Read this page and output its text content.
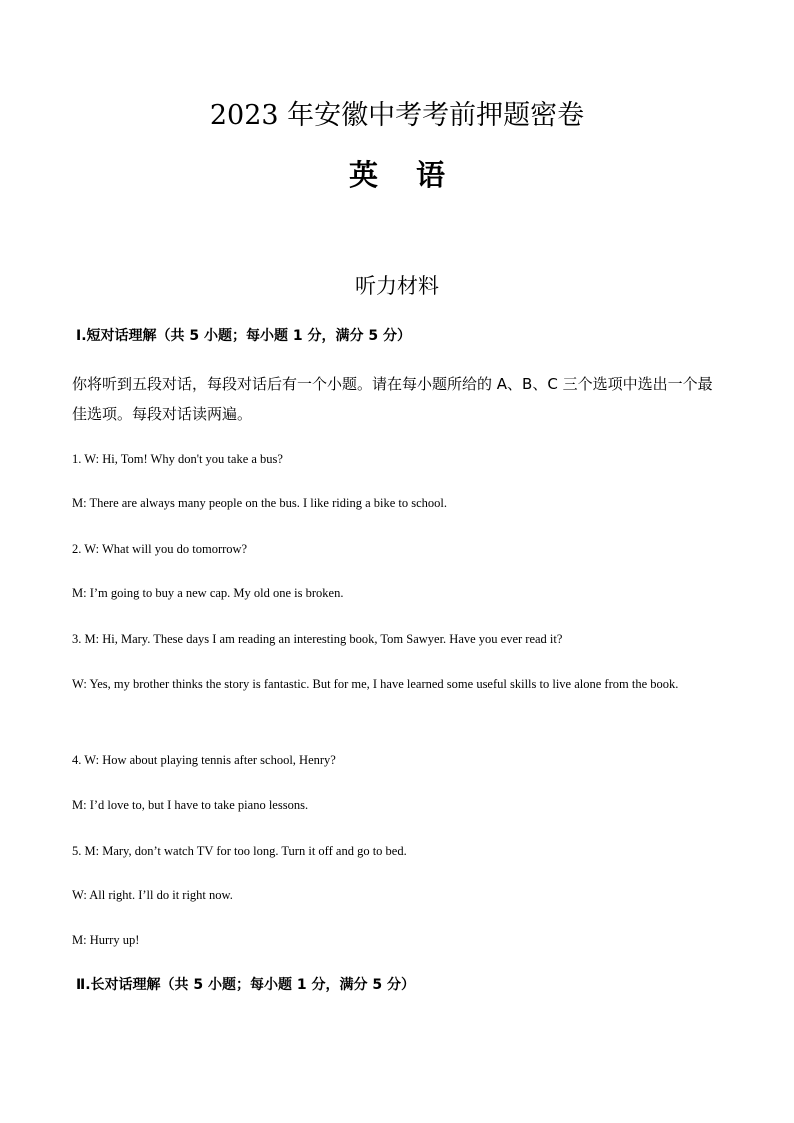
2023 年安徽中考考前押题密卷
英 语
听力材料
Ⅰ.短对话理解（共 5 小题；每小题 1 分，满分 5 分）
你将听到五段对话，每段对话后有一个小题。请在每小题所给的 A、B、C 三个选项中选出一个最佳选项。每段对话读两遍。
1. W: Hi, Tom! Why don't you take a bus?
M: There are always many people on the bus. I like riding a bike to school.
2. W: What will you do tomorrow?
M: I’m going to buy a new cap. My old one is broken.
3. M: Hi, Mary. These days I am reading an interesting book, Tom Sawyer. Have you ever read it?
W: Yes, my brother thinks the story is fantastic. But for me, I have learned some useful skills to live alone from the book.
4. W: How about playing tennis after school, Henry?
M: I’d love to, but I have to take piano lessons.
5. M: Mary, don’t watch TV for too long. Turn it off and go to bed.
W: All right. I’ll do it right now.
M: Hurry up!
Ⅱ.长对话理解（共 5 小题；每小题 1 分，满分 5 分）
